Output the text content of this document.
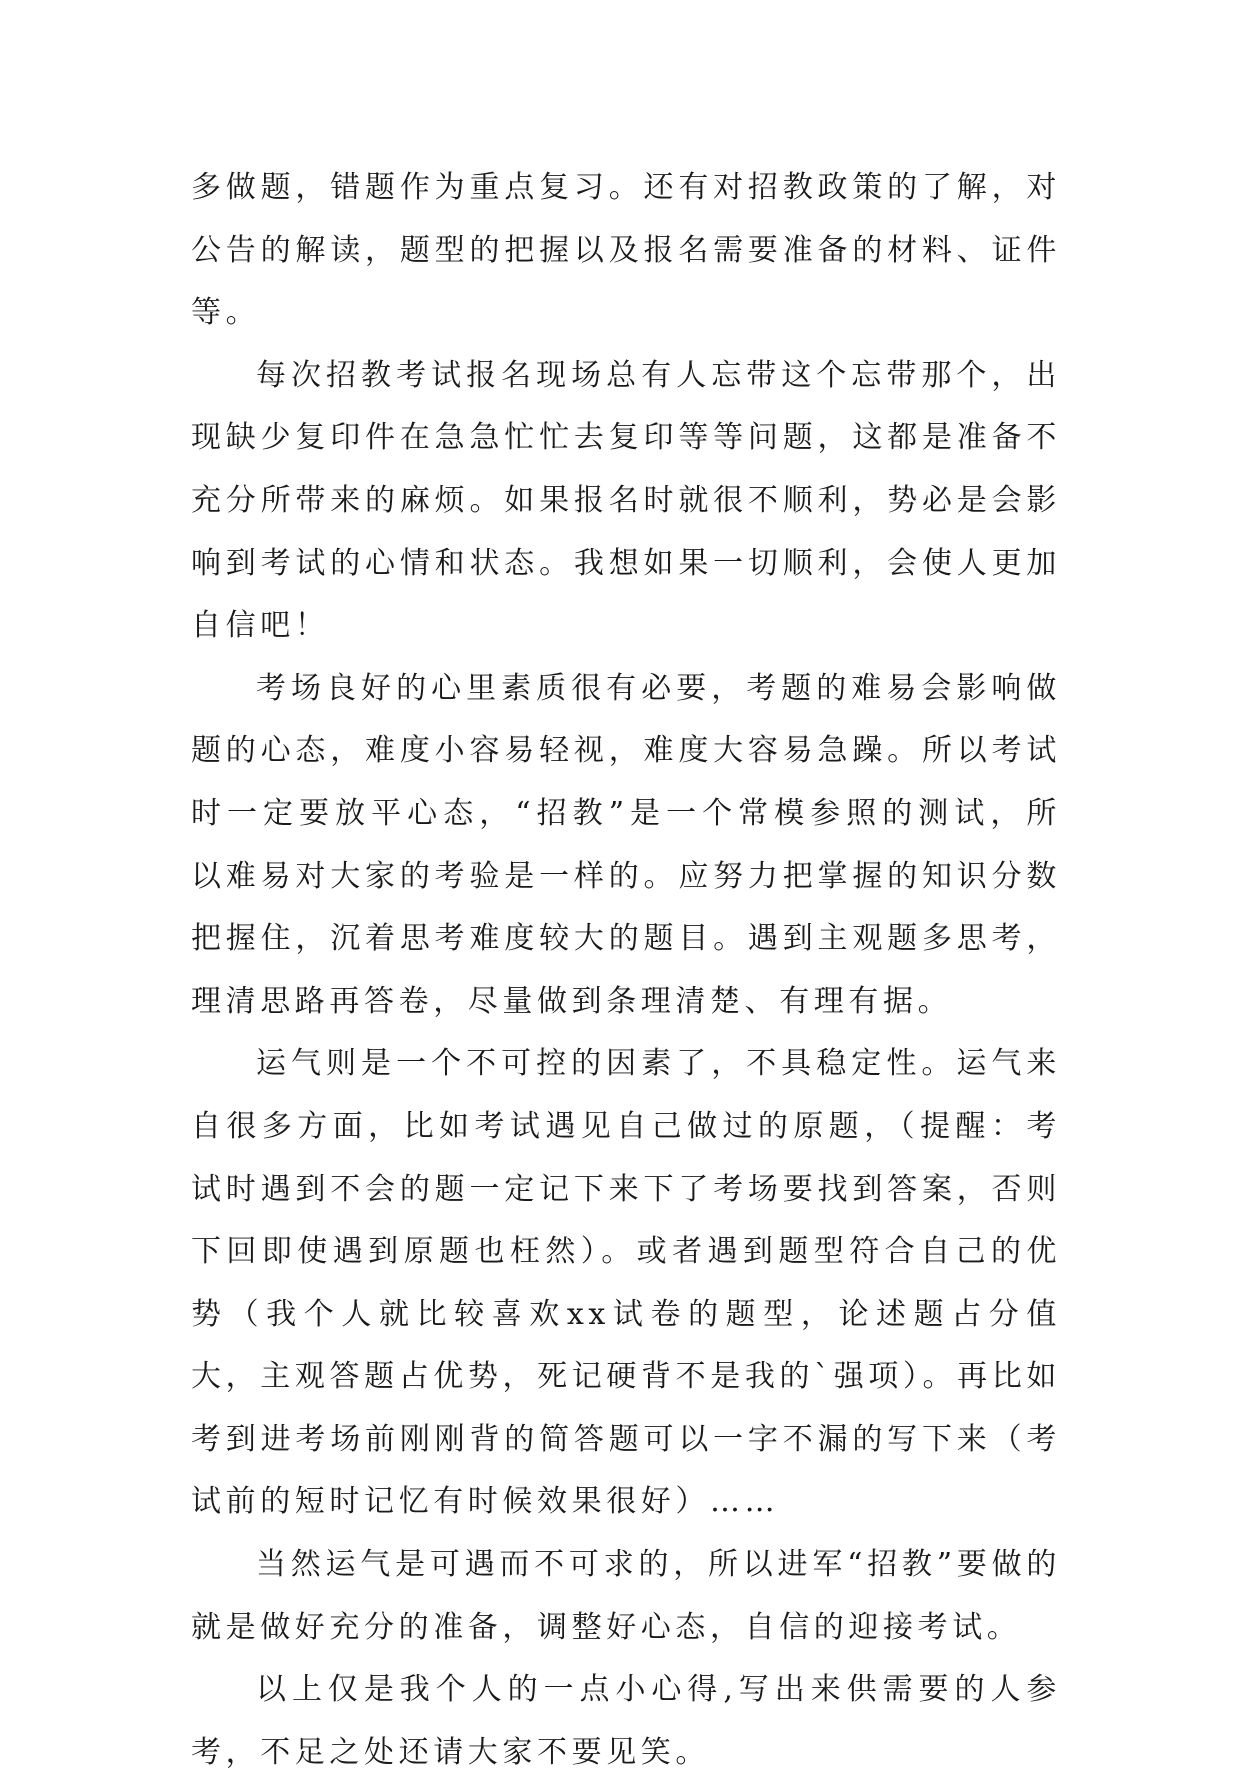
多做题，错题作为重点复习。还有对招教政策的了解，对公告的解读，题型的把握以及报名需要准备的材料、证件等。

每次招教考试报名现场总有人忘带这个忘带那个，出现缺少复印件在急急忙忙去复印等等问题，这都是准备不充分所带来的麻烦。如果报名时就很不顺利，势必是会影响到考试的心情和状态。我想如果一切顺利，会使人更加自信吧！

考场良好的心里素质很有必要，考题的难易会影响做题的心态，难度小容易轻视，难度大容易急躁。所以考试时一定要放平心态，“招教”是一个常模参照的测试，所以难易对大家的考验是一样的。应努力把掌握的知识分数把握住，沉着思考难度较大的题目。遇到主观题多思考，理清思路再答卷，尽量做到条理清楚、有理有据。

运气则是一个不可控的因素了，不具稳定性。运气来自很多方面，比如考试遇见自己做过的原题，（提醒：考试时遇到不会的题一定记下来下了考场要找到答案，否则下回即使遇到原题也枉然）。或者遇到题型符合自己的优势（我个人就比较喜欢xx试卷的题型，论述题占分值大，主观答题占优势，死记硬背不是我的`强项）。再比如考到进考场前刚刚背的简答题可以一字不漏的写下来（考试前的短时记忆有时候效果很好）……

当然运气是可遇而不可求的，所以进军“招教”要做的就是做好充分的准备，调整好心态，自信的迎接考试。

以上仅是我个人的一点小心得,写出来供需要的人参考，不足之处还请大家不要见笑。
